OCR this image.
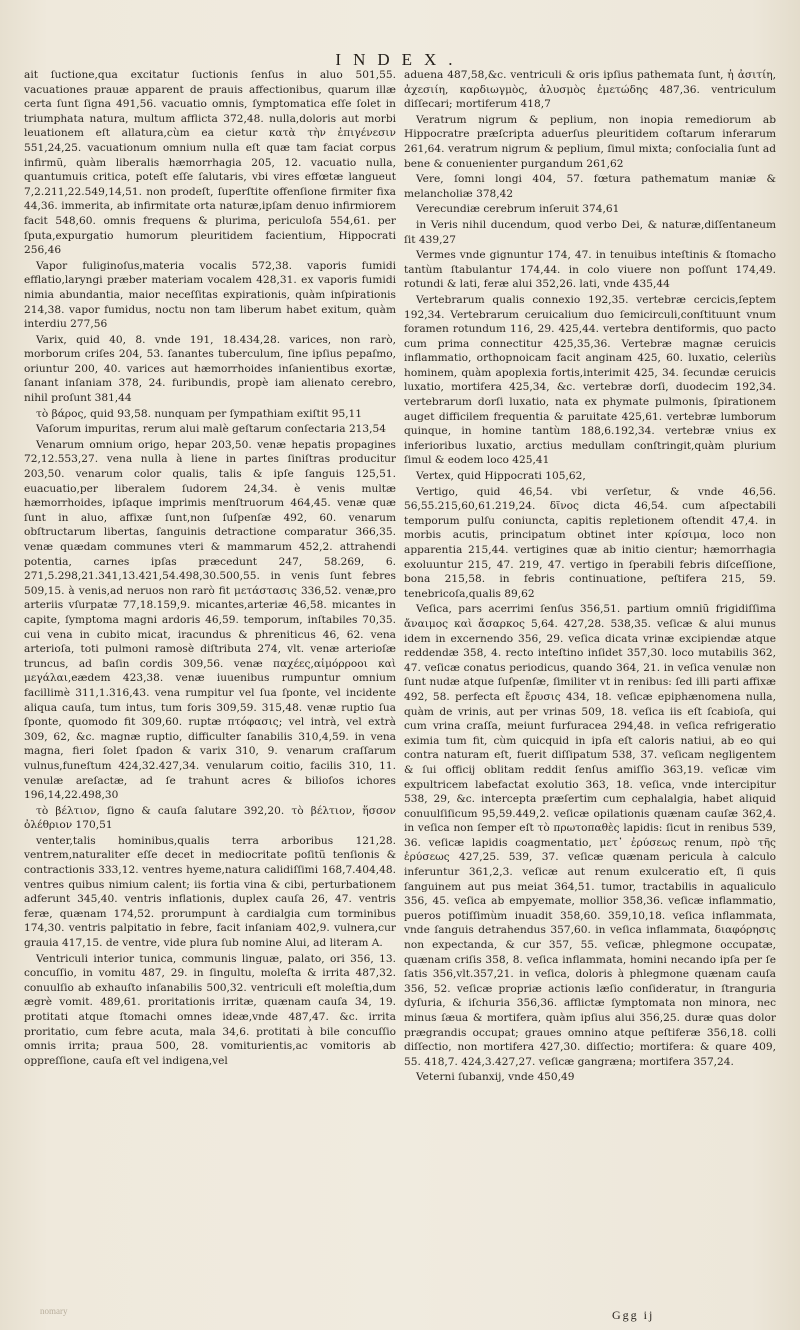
INDEX.

ait ſuctione,qua excitatur ſuctionis ſenſus in aluo 501,55. vacuationes prauæ apparent de prauis affectionibus, quarum illæ certa ſunt ſigna 491,56. vacuatio omnis, ſymptomatica eſſe ſolet in triumphata natura, multum afflicta 372,48. nulla,doloris aut morbi leuationem eſt allatura,cùm ea cietur κατὰ τὴν ἐπιγένεσιν 551,24,25. vacuationum omnium nulla eſt quæ tam faciat corpus infirmũ, quàm liberalis hæmorrhagia 205, 12. vacuatio nulla, quantumuis critica, poteſt eſſe ſalutaris, vbi vires effœtæ langueut 7,2.211,22.549,14,51. non prodeſt, ſuperſtite offenſione firmiter fixa 44,36. immerita, ab infirmitate orta naturæ,ipſam denuo infirmiorem facit 548,60. omnis frequens & plurima, periculoſa 554,61. per ſputa,expurgatio humorum pleuritidem facientium, Hippocrati 256,46

Vapor fuliginoſus,materia vocalis 572,38. vaporis fumidi efflatio,laryngi præber materiam vocalem 428,31. ex vaporis fumidi nimia abundantia, maior neceſſitas expirationis, quàm inſpirationis 214,38. vapor fumidus, noctu non tam liberum habet exitum, quàm interdiu 277,56

Varix, quid 40, 8. vnde 191, 18.434,28. varices, non rarò, morborum criſes 204, 53. ſanantes tuberculum, ſine ipſius pepaſmo, oriuntur 200, 40. varices aut hæmorrhoides inſanientibus exortæ, ſanant inſaniam 378, 24. furibundis, propè iam alienato cerebro, nihil proſunt 381,44

τὸ βάρος, quid 93,58. nunquam per ſympathiam exiſtit 95,11

Vaſorum impuritas, rerum alui malè geſtarum conſectaria 213,54

Venarum omnium origo, hepar 203,50. venæ hepatis propagines 72,12.553,27. vena nulla à liene in partes ſiniſtras producitur 203,50. venarum color qualis, talis & ipſe ſanguis 125,51. euacuatio,per liberalem ſudorem 24,34. è venis multæ hæmorrhoides, ipſaque imprimis menſtruorum 464,45. venæ quæ ſunt in aluo, affixæ ſunt,non ſuſpenſæ 492, 60. venarum obſtructarum libertas, ſanguinis detractione comparatur 366,35. venæ quædam communes vteri & mammarum 452,2. attrahendi potentia, carnes ipſas præcedunt 247, 58.269, 6. 271,5.298,21.341,13.421,54.498,30.500,55. in venis ſunt febres 509,15. à venis,ad neruos non rarò fit μετάστασις 336,52. venæ,pro arteriis vſurpatæ 77,18.159,9. micantes,arteriæ 46,58. micantes in capite, ſymptoma magni ardoris 46,59. temporum, inſtabiles 70,35. cui vena in cubito micat, iracundus & phreniticus 46, 62. vena arterioſa, toti pulmoni ramosè diſtributa 274, vlt. venæ arterioſæ truncus, ad baſin cordis 309,56. venæ παχέες,αἱμόρροοι καὶ μεγάλαι,eædem 423,38. venæ iuuenibus rumpuntur omnium facillimè 311,1.316,43. vena rumpitur vel ſua ſponte, vel incidente aliqua cauſa, tum intus, tum foris 309,59. 315,48. venæ ruptio ſua ſponte, quomodo fit 309,60. ruptæ πτόφασις; vel intrà, vel extrà 309, 62, &c. magnæ ruptio, difficulter ſanabilis 310,4,59. in vena magna, fieri ſolet ſpadon & varix 310, 9. venarum craſſarum vulnus,funeſtum 424,32.427,34. venularum coitio, facilis 310, 11. venulæ areſactæ, ad ſe trahunt acres & bilioſos ichores 196,14,22.498,30

τὸ βέλτιον, ſigno & cauſa ſalutare 392,20. τὸ βέλτιον, ἥσσον ὀλέθριον 170,51

venter,talis hominibus,qualis terra arboribus 121,28. ventrem,naturaliter eſſe decet in mediocritate poſitũ tenſionis & contractionis 333,12. ventres hyeme,natura calidiſſimi 168,7.404,48. ventres quibus nimium calent; iis fortia vina & cibi, perturbationem adferunt 345,40. ventris inflationis, duplex cauſa 26, 47. ventris feræ, quænam 174,52. prorumpunt à cardialgia cum torminibus 174,30. ventris palpitatio in febre, facit inſaniam 402,9. vulnera,cur grauia 417,15. de ventre, vide plura ſub nomine Alui, ad literam A.

Ventriculi interior tunica, communis linguæ, palato, ori 356, 13. concuſſio, in vomitu 487, 29. in ſingultu, moleſta & irrita 487,32. conuulſio ab exhauſto inſanabilis 500,32. ventriculi eſt moleſtia,dum ægrè vomit. 489,61. proritationis irritæ, quænam cauſa 34, 19. protitati atque ſtomachi omnes ideæ,vnde 487,47. &c. irrita proritatio, cum febre acuta, mala 34,6. protitati à bile concuſſio omnis irrita; praua 500, 28. vomiturientis,ac vomitoris ab oppreſſione, cauſa eſt vel indigena,vel

aduena 487,58,&c. ventriculi & oris ipſius pathemata ſunt, ἡ ἀσιτίη, ἀχεσιίη, καρδιωγμὸς, ἀλυσμὸς ἐμετώδης 487,36. ventriculum diſſecari; mortiferum 418,7

Veratrum nigrum & peplium, non inopia remediorum ab Hippocratre præſcripta aduerſus pleuritidem coſtarum inferarum 261,64. veratrum nigrum & peplium, ſimul mixta; conſocialia ſunt ad bene & conuenienter purgandum 261,62

Vere, ſomni longi 404, 57. fœtura pathematum maniæ & melancholiæ 378,42

Verecundiæ cerebrum inſeruit 374,61

in Veris nihil ducendum, quod verbo Dei, & naturæ,diſſentaneum ſit 439,27

Vermes vnde gignuntur 174, 47. in tenuibus inteſtinis & ſtomacho tantùm ſtabulantur 174,44. in colo viuere non poſſunt 174,49. rotundi & lati, feræ alui 352,26. lati, vnde 435,44

Vertebrarum qualis connexio 192,35. vertebræ cercicis,ſeptem 192,34. Vertebrarum ceruicalium duo ſemicirculi,conſtituunt vnum foramen rotundum 116, 29. 425,44. vertebra dentiformis, quo pacto cum prima connectitur 425,35,36. Vertebræ magnæ ceruicis inflammatio, orthopnoicam facit anginam 425, 60. luxatio, celeriùs hominem, quàm apoplexia fortis,interimit 425, 34. ſecundæ ceruicis luxatio, mortifera 425,34, &c. vertebræ dorſi, duodecim 192,34. vertebrarum dorſi luxatio, nata ex phymate pulmonis, ſpirationem auget difficilem frequentia & paruitate 425,61. vertebræ lumborum quinque, in homine tantùm 188,6.192,34. vertebræ vnius ex inferioribus luxatio, arctius medullam conſtringit,quàm plurium ſimul & eodem loco 425,41

Vertex, quid Hippocrati 105,62,

Vertigo, quid 46,54. vbi verſetur, & vnde 46,56. 56,55.215,60,61.219,24. δῖνος dicta 46,54. cum aſpectabili temporum pulſu coniuncta, capitis repletionem oſtendit 47,4. in morbis acutis, principatum obtinet inter κρίσιμα, loco non apparentia 215,44. vertigines quæ ab initio cientur; hæmorrhagia exoluuntur 215, 47. 219, 47. vertigo in ſperabili febris diſceſſione, bona 215,58. in febris continuatione, peſtifera 215, 59. tenebricoſa,qualis 89,62

Veſica, pars acerrimi ſenſus 356,51. partium omniũ frigidiſſima ἄναιμος καὶ ἄσαρκος 5,64. 427,28. 538,35. veſicæ & alui munus idem in excernendo 356, 29. veſica dicata vrinæ excipiendæ atque reddendæ 358, 4. recto inteſtino inſidet 357,30. loco mutabilis 362, 47. veſicæ conatus periodicus, quando 364, 21. in veſica venulæ non ſunt nudæ atque ſuſpenſæ, ſimiliter vt in renibus: ſed illi parti affixæ 492, 58. perfecta eſt ἔρυσις 434, 18. veſicæ epiphænomena nulla, quàm de vrinis, aut per vrinas 509, 18. veſica iis eſt ſcabioſa, qui cum vrina craſſa, meiunt furfuracea 294,48. in veſica refrigeratio eximia tum fit, cùm quicquid in ipſa eſt caloris natiui, ab eo qui contra naturam eſt, fuerit diſſipatum 538, 37. veſicam negligentem & ſui officij oblitam reddit ſenſus amiſſio 363,19. veſicæ vim expultricem labefactat exolutio 363, 18. veſica, vnde intercipitur 538, 29, &c. intercepta præſertim cum cephalalgia, habet aliquid conuulſiſicum 95,59.449,2. veſicæ opilationis quænam cauſæ 362,4. in veſica non ſemper eſt τὸ πρωτοπαθὲς lapidis: ſicut in renibus 539, 36. veſicæ lapidis coagmentatio, μετ᾽ ἐρύσεως renum, πρὸ τῆς ἐρύσεως 427,25. 539, 37. veſicæ quænam pericula à calculo inferuntur 361,2,3. veſicæ aut renum exulceratio eſt, ſi quis ſanguinem aut pus meiat 364,51. tumor, tractabilis in aqualiculo 356, 45. veſica ab empyemate, mollior 358,36. veſicæ inflammatio, pueros potiſſimùm inuadit 358,60. 359,10,18. veſica inflammata, vnde ſanguis detrahendus 357,60. in veſica inflammata, διαφόρησις non expectanda, & cur 357, 55. veſicæ, phlegmone occupatæ, quænam criſis 358, 8. veſica inflammata, homini necando ipſa per ſe ſatis 356,vlt.357,21. in veſica, doloris à phlegmone quænam cauſa 356, 52. veſicæ propriæ actionis læſio conſideratur, in ſtranguria dyſuria, & iſchuria 356,36. afflictæ ſymptomata non minora, nec minus ſæua & mortifera, quàm ipſius alui 356,25. duræ quas dolor prægrandis occupat; graues omnino atque peſtiferæ 356,18. colli diſſectio, non mortifera 427,30. diſſectio; mortifera: & quare 409, 55. 418,7. 424,3.427,27. veſicæ gangræna; mortifera 357,24.

Veterni ſubanxij, vnde 450,49

nomary	Ggg ij
